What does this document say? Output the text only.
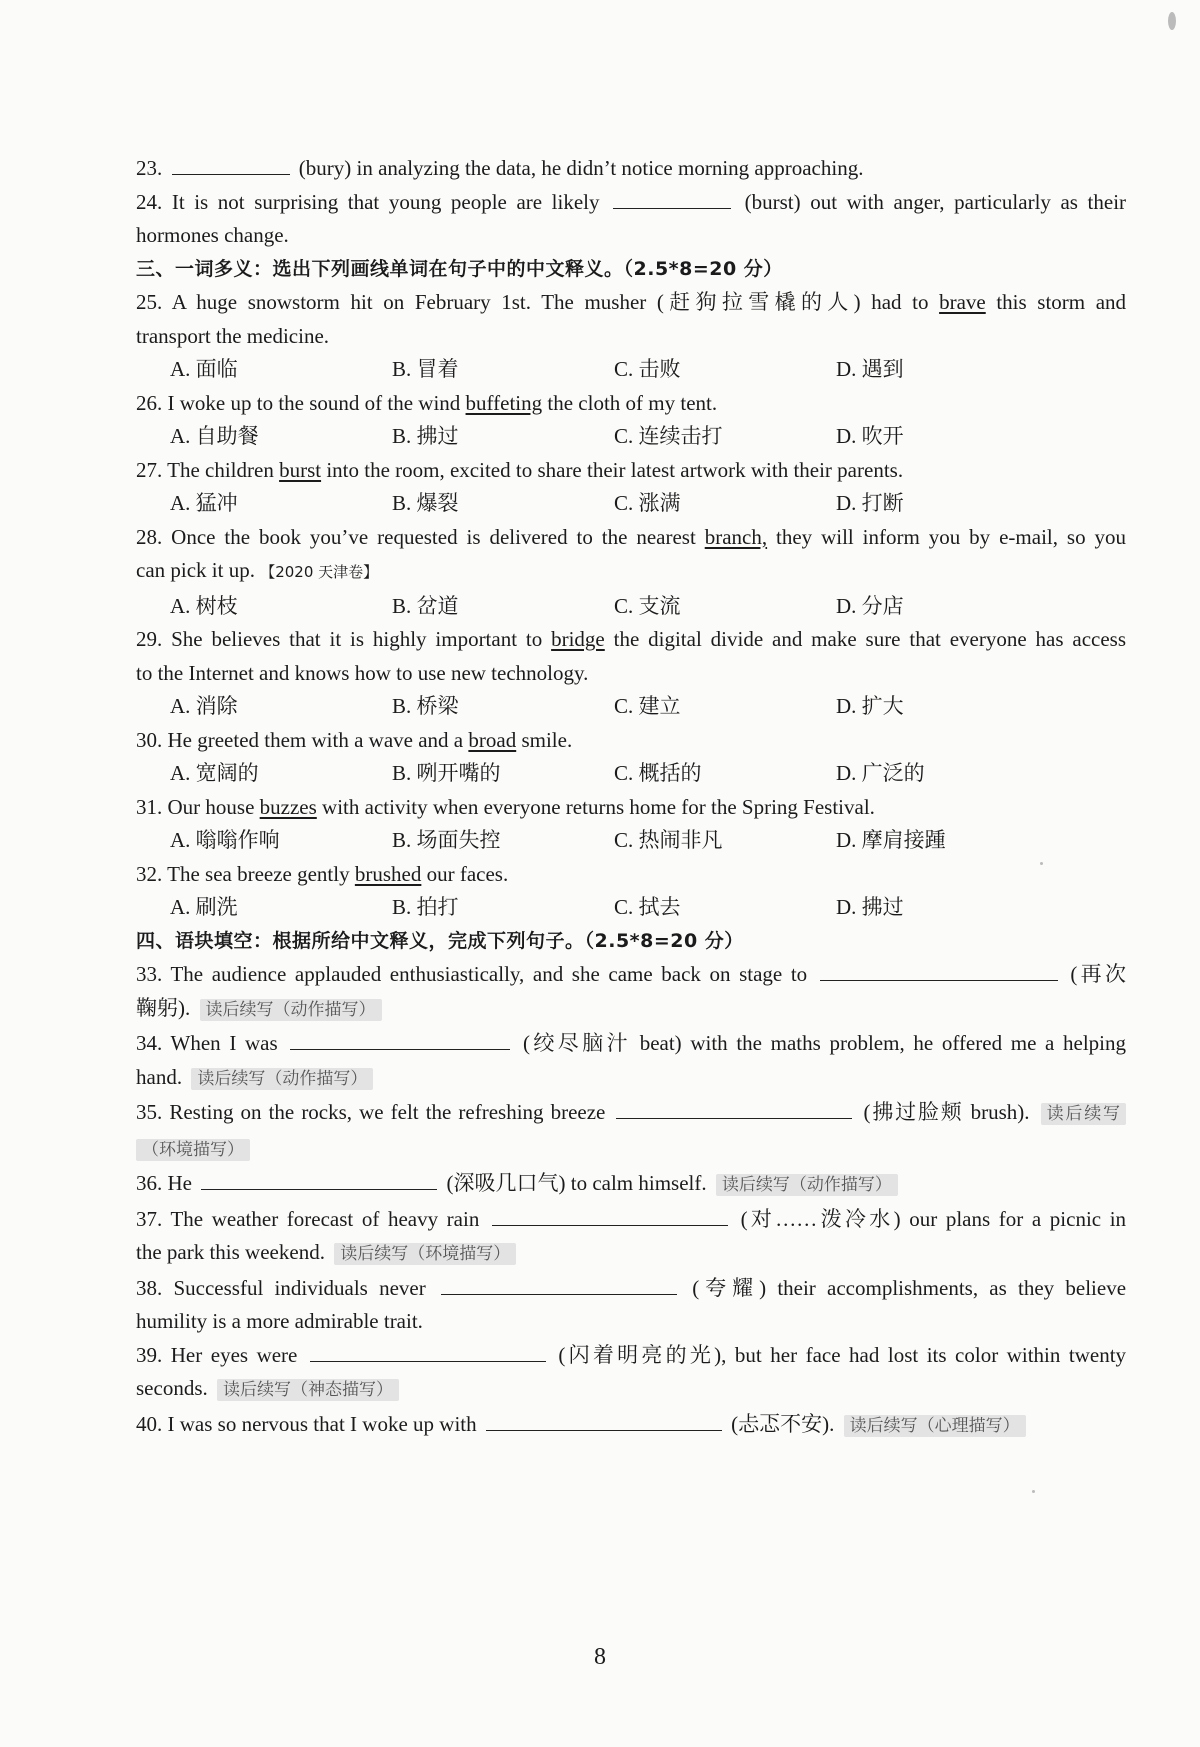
23.	(bury) in analyzing the data, he didn’t notice morning approaching.

24. It is not surprising that young people are likely	(burst) out with anger, particularly as their

hormones change.

三、一词多义：选出下列画线单词在句子中的中文释义。（2.5*8=20 分）

25. A huge snowstorm hit on February 1st. The musher (赶狗拉雪橇的人) had to brave this storm and

transport the medicine.

A. 面临	B. 冒着	C. 击败	D. 遇到

26. I woke up to the sound of the wind buffeting the cloth of my tent.

A. 自助餐	B. 拂过	C. 连续击打	D. 吹开

27. The children burst into the room, excited to share their latest artwork with their parents.

A. 猛冲	B. 爆裂	C. 涨满	D. 打断

28. Once the book you’ve requested is delivered to the nearest branch, they will inform you by e-mail, so you

can pick it up. 【2020 天津卷】

A. 树枝	B. 岔道	C. 支流	D. 分店

29. She believes that it is highly important to bridge the digital divide and make sure that everyone has access

to the Internet and knows how to use new technology.

A. 消除	B. 桥梁	C. 建立	D. 扩大

30. He greeted them with a wave and a broad smile.

A. 宽阔的	B. 咧开嘴的	C. 概括的	D. 广泛的

31. Our house buzzes with activity when everyone returns home for the Spring Festival.

A. 嗡嗡作响	B. 场面失控	C. 热闹非凡	D. 摩肩接踵

32. The sea breeze gently brushed our faces.

A. 刷洗	B. 拍打	C. 拭去	D. 拂过

四、语块填空：根据所给中文释义，完成下列句子。（2.5*8=20 分）

33. The audience applauded enthusiastically, and she came back on stage to	(再次

鞠躬). 读后续写（动作描写）

34. When I was	(绞尽脑汁 beat) with the maths problem, he offered me a helping

hand. 读后续写（动作描写）

35. Resting on the rocks, we felt the refreshing breeze	(拂过脸颊 brush). 读后续写

（环境描写）

36. He	(深吸几口气) to calm himself. 读后续写（动作描写）

37. The weather forecast of heavy rain	(对……泼冷水) our plans for a picnic in

the park this weekend. 读后续写（环境描写）

38. Successful individuals never	(夸耀) their accomplishments, as they believe

humility is a more admirable trait.

39. Her eyes were	(闪着明亮的光), but her face had lost its color within twenty

seconds. 读后续写（神态描写）

40. I was so nervous that I woke up with	(忐忑不安). 读后续写（心理描写）

8
